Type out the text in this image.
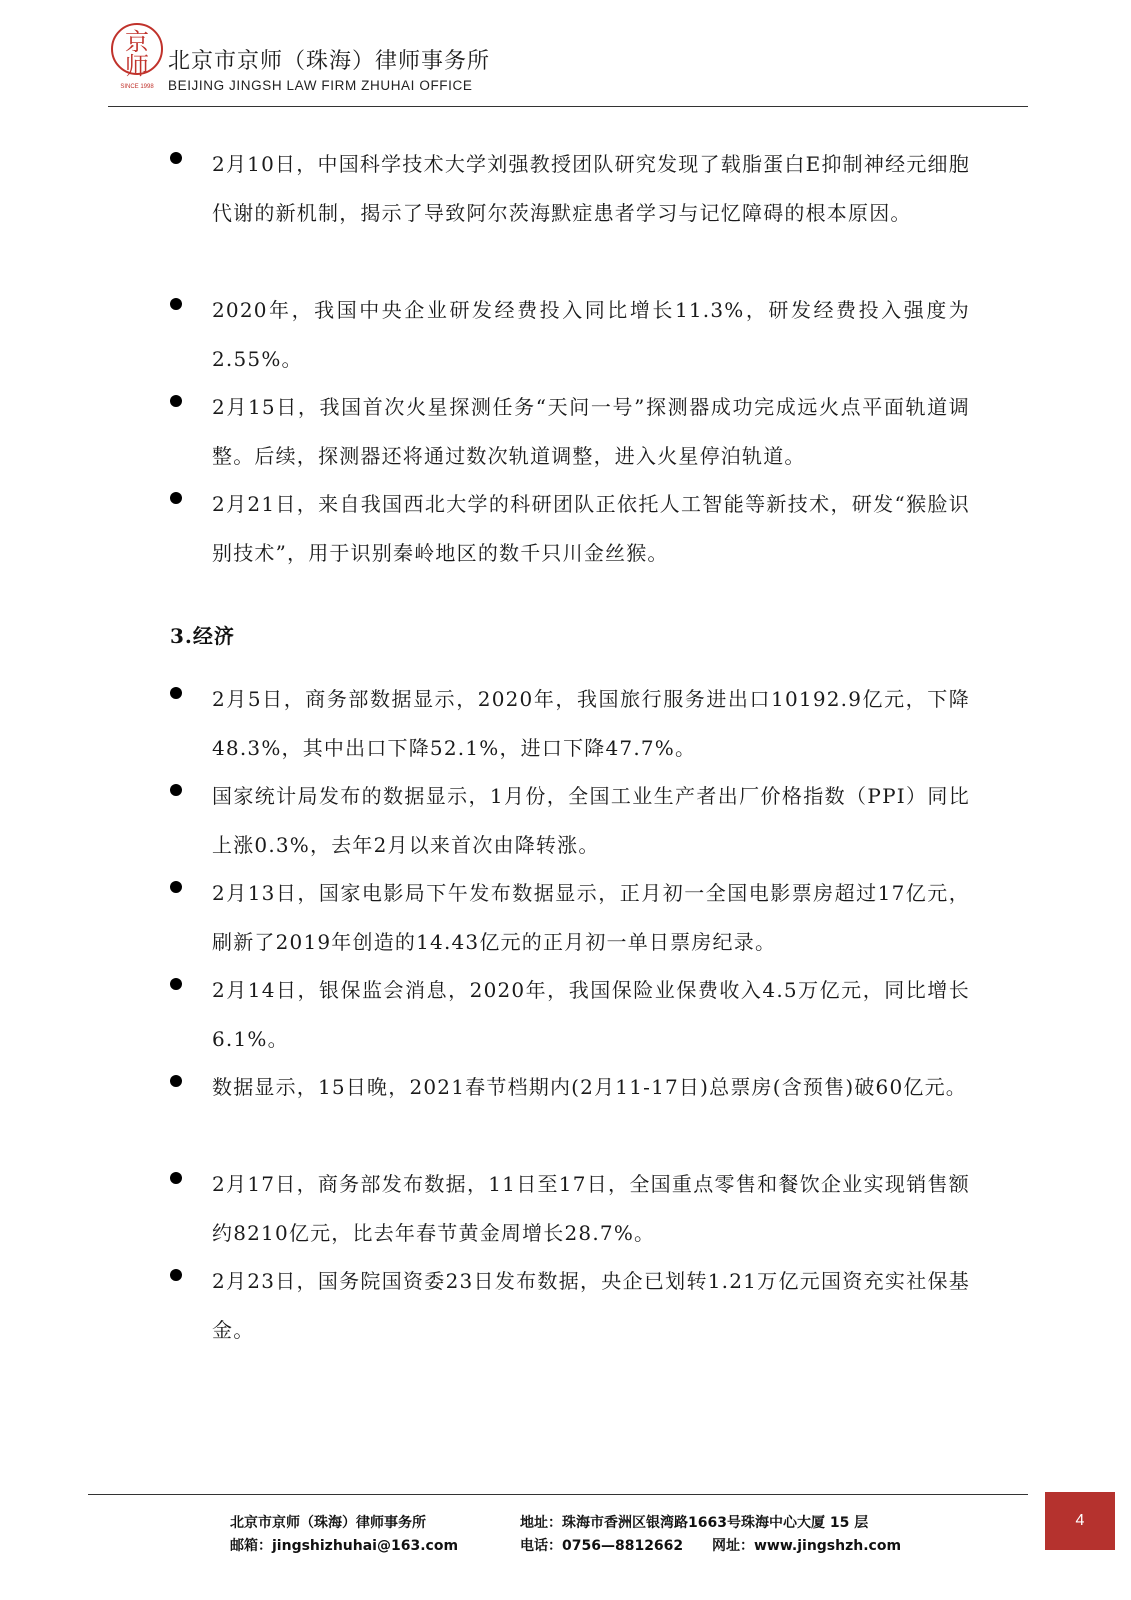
京
师
SINCE 1998
北京市京师（珠海）律师事务所
BEIJING JINGSH LAW FIRM ZHUHAI OFFICE
2月10日，中国科学技术大学刘强教授团队研究发现了载脂蛋白E抑制神经元细胞代谢的新机制，揭示了导致阿尔茨海默症患者学习与记忆障碍的根本原因。
2020年，我国中央企业研发经费投入同比增长11.3%，研发经费投入强度为2.55%。
2月15日，我国首次火星探测任务“天问一号”探测器成功完成远火点平面轨道调整。后续，探测器还将通过数次轨道调整，进入火星停泊轨道。
2月21日，来自我国西北大学的科研团队正依托人工智能等新技术，研发“猴脸识别技术”，用于识别秦岭地区的数千只川金丝猴。
3.经济
2月5日，商务部数据显示，2020年，我国旅行服务进出口10192.9亿元，下降48.3%，其中出口下降52.1%，进口下降47.7%。
国家统计局发布的数据显示，1月份，全国工业生产者出厂价格指数（PPI）同比上涨0.3%，去年2月以来首次由降转涨。
2月13日，国家电影局下午发布数据显示，正月初一全国电影票房超过17亿元，刷新了2019年创造的14.43亿元的正月初一单日票房纪录。
2月14日，银保监会消息，2020年，我国保险业保费收入4.5万亿元，同比增长6.1%。
数据显示，15日晚，2021春节档期内(2月11-17日)总票房(含预售)破60亿元。
2月17日，商务部发布数据，11日至17日，全国重点零售和餐饮企业实现销售额约8210亿元，比去年春节黄金周增长28.7%。
2月23日，国务院国资委23日发布数据，央企已划转1.21万亿元国资充实社保基金。
北京市京师（珠海）律师事务所
邮箱：jingshizhuhai@163.com
地址：珠海市香洲区银湾路1663号珠海中心大厦 15 层
电话：0756—8812662 网址：www.jingshzh.com
4
